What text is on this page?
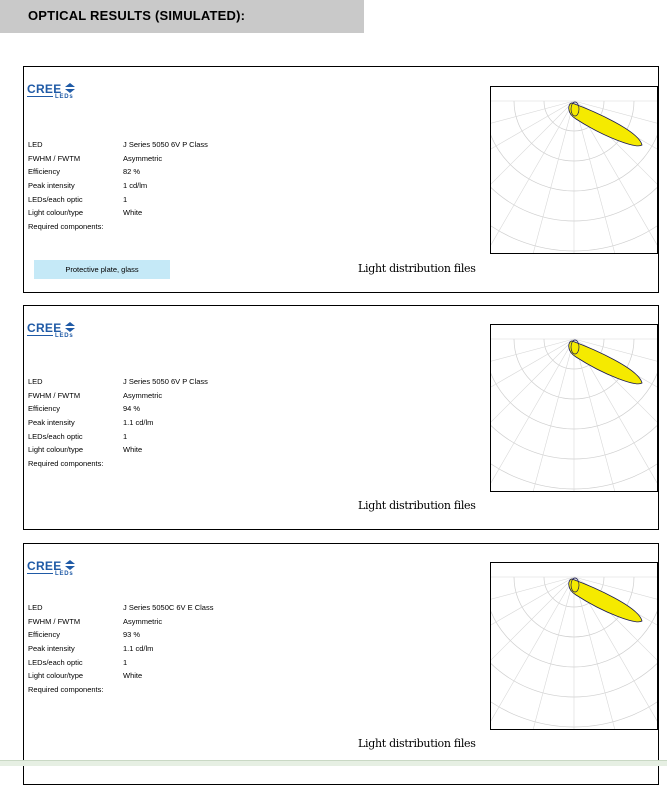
OPTICAL RESULTS (SIMULATED):
CREE
LEDs
LED	J Series 5050 6V P Class
FWHM / FWTM	Asymmetric
Efficiency	82 %
Peak intensity	1 cd/lm
LEDs/each optic	1
Light colour/type	White
Required components:
Protective plate, glass	Light distribution files
CREE
LEDs
LED	J Series 5050 6V P Class
FWHM / FWTM	Asymmetric
Efficiency	94 %
Peak intensity	1.1 cd/lm
LEDs/each optic	1
Light colour/type	White
Required components:
Light distribution files
CREE
LEDs
LED	J Series 5050C 6V E Class
FWHM / FWTM	Asymmetric
Efficiency	93 %
Peak intensity	1.1 cd/lm
LEDs/each optic	1
Light colour/type	White
Required components:
Light distribution files
